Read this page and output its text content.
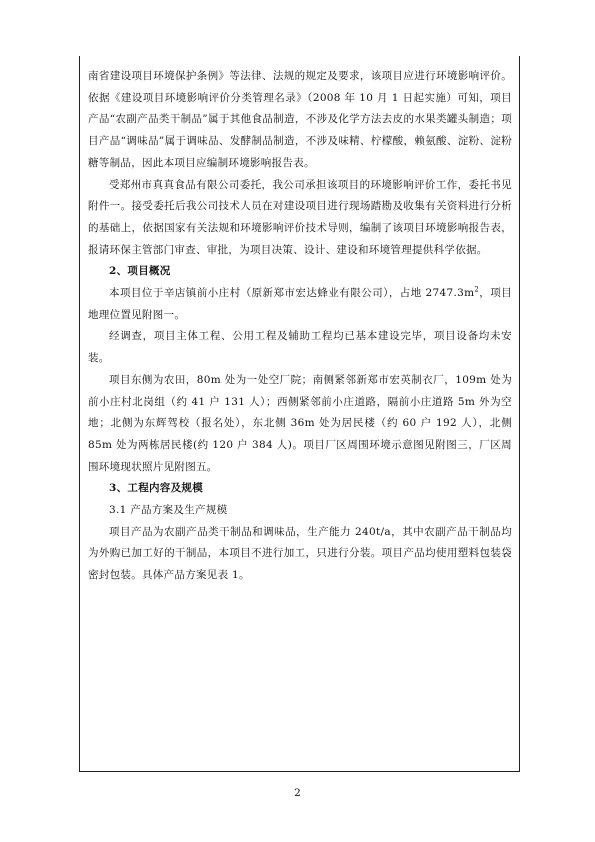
南省建设项目环境保护条例》等法律、法规的规定及要求，该项目应进行环境影响评价。依据《建设项目环境影响评价分类管理名录》（2008 年 10 月 1 日起实施）可知，项目产品“农副产品类干制品”属于其他食品制造，不涉及化学方法去皮的水果类罐头制造；项目产品“调味品”属于调味品、发酵制品制造，不涉及味精、柠檬酸，赖氨酸、淀粉、淀粉糖等制品，因此本项目应编制环境影响报告表。

受郑州市真真食品有限公司委托，我公司承担该项目的环境影响评价工作，委托书见附件一。接受委托后我公司技术人员在对建设项目进行现场踏勘及收集有关资料进行分析的基础上，依据国家有关法规和环境影响评价技术导则，编制了该项目环境影响报告表，报请环保主管部门审查、审批，为项目决策、设计、建设和环境管理提供科学依据。

2、项目概况

本项目位于辛店镇前小庄村（原新郑市宏达蜂业有限公司），占地 $2747.3m^2$，项目地理位置见附图一。

经调查，项目主体工程、公用工程及辅助工程均已基本建设完毕，项目设备均未安装。

项目东侧为农田，80m 处为一处空厂院；南侧紧邻新郑市宏英制衣厂，109m 处为前小庄村北岗组（约 41 户 131 人）；西侧紧邻前小庄道路，隔前小庄道路 5m 外为空地；北侧为东辉驾校（报名处），东北侧 36m 处为居民楼（约 60 户 192 人），北侧 85m 处为两栋居民楼(约 120 户 384 人)。项目厂区周围环境示意图见附图三，厂区周围环境现状照片见附图五。

3、工程内容及规模

3.1 产品方案及生产规模

项目产品为农副产品类干制品和调味品，生产能力 240t/a，其中农副产品干制品均为外购已加工好的干制品，本项目不进行加工，只进行分装。项目产品均使用塑料包装袋密封包装。具体产品方案见表 1。

2
